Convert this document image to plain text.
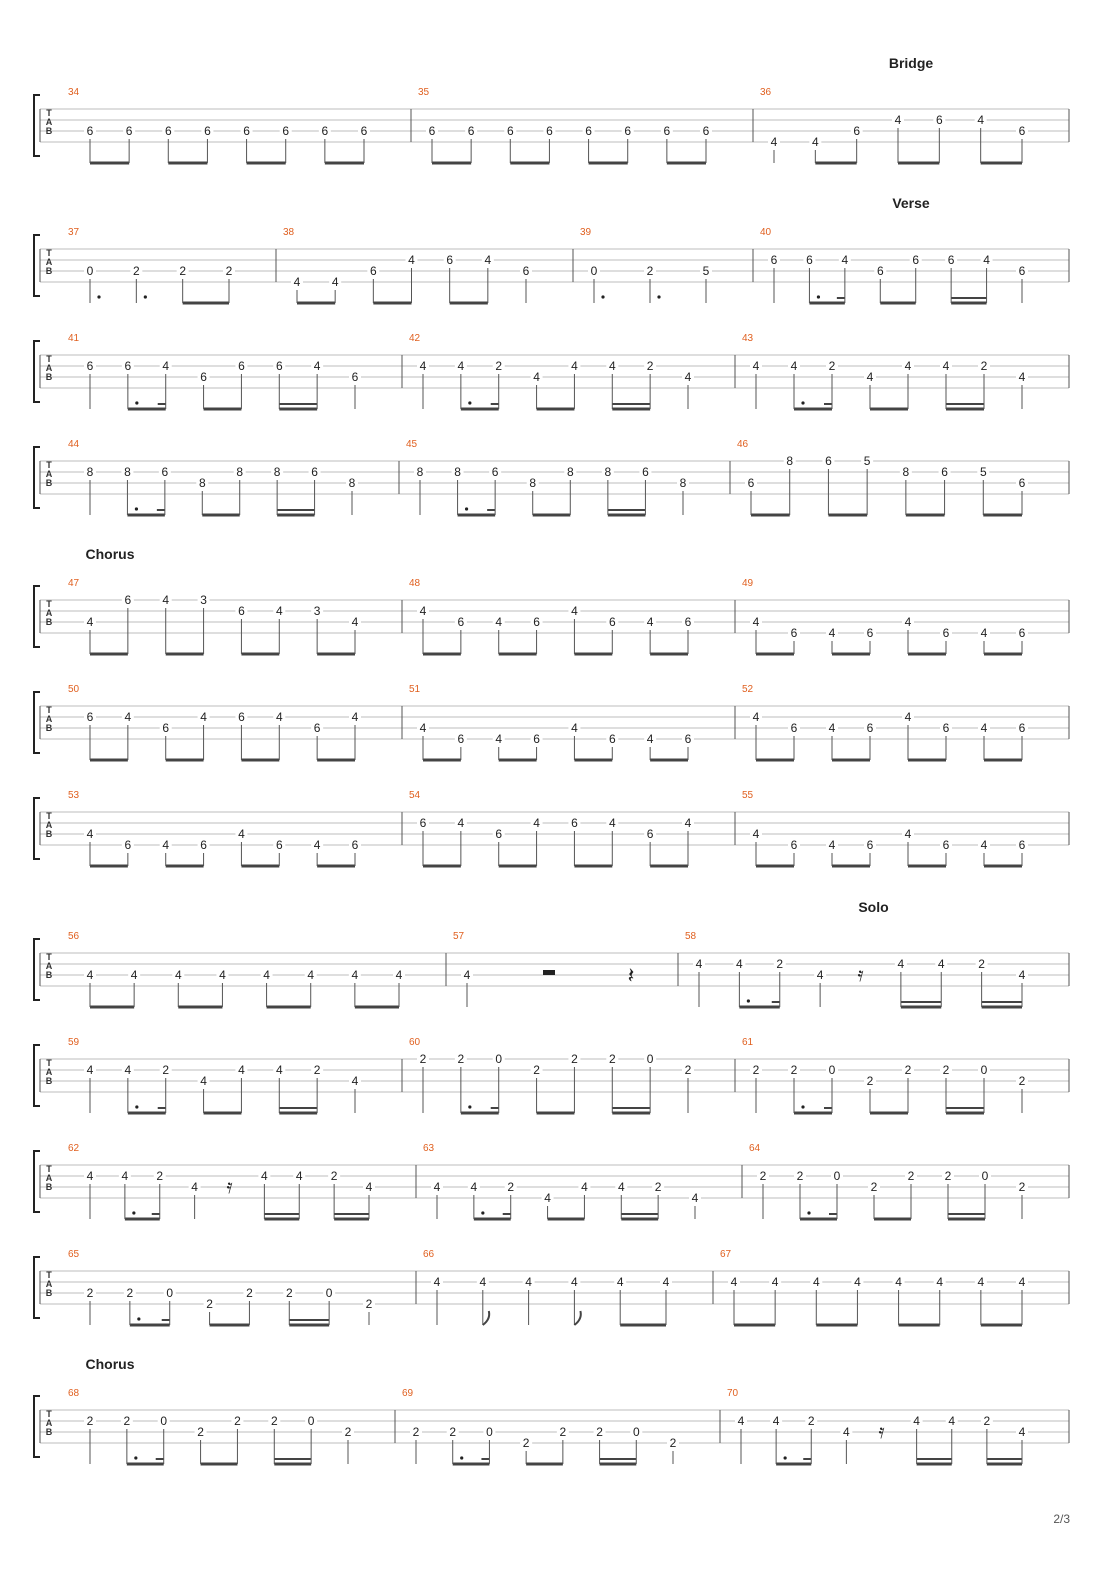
T
A
B
34
6	6	6	6	6	6	6	6
35
6	6	6	6	6	6	6	6
36
Bridge
4	4
6
4	6	4
6
T
A
B
37
0	2	2	2
38
4	4
6
4	6	4
6
39
0	2	5
40
Verse
6 6 4
6
6 6 4
6
T
A
B
41
6	6	4
6
6	6	4
6
42
4	4	2
4
4	4	2
4
43
4	4	2
4
4	4	2
4
T
A
B
44
8	8	6
8
8	8	6
8
45
8	8	6
8
8	8	6
8
46
6
8	6	5
8	6	5
6
T
A
B
47
Chorus
4
6	4	3
6	4	3
4
48
4
6	4	6
4
6	4	6
49
4
6	4	6
4
6	4	6
T
A
B
50
6	4
6
4	6	4
6
4
51
4
6	4	6
4
6	4	6
52
4
6	4	6
4
6	4	6
T
A
B
53
4
6	4	6
4
6	4	6
54
6	4
6
4	6	4
6
4
55
4
6	4	6
4
6	4	6
T
A
B
56
4	4	4	4	4	4	4	4
57
4	𝄽
58
Solo
4	4	2
4 𝄿	4	4	2
4
T
A
B
59
4	4	2
4
4	4	2
4
60
2	2	0
2
2	2	0
2
61
2	2	0
2
2	2	0
2
T
A
B
62
4 4 2
4 𝄿 4 4 2
4
63
4	4	2
4
4	4	2
4
64
2	2	0
2
2	2	0
2
T
A
B
65
2	2	0
2
2	2	0
2
66
4	4	4	4	4	4
67
4	4	4	4	4	4	4	4
T
A
B
68
Chorus
2	2	0
2
2	2	0
2
69
2	2	0
2
2	2	0
2
70
4 4 2
4 𝄿 4 4 2
4
2/3
